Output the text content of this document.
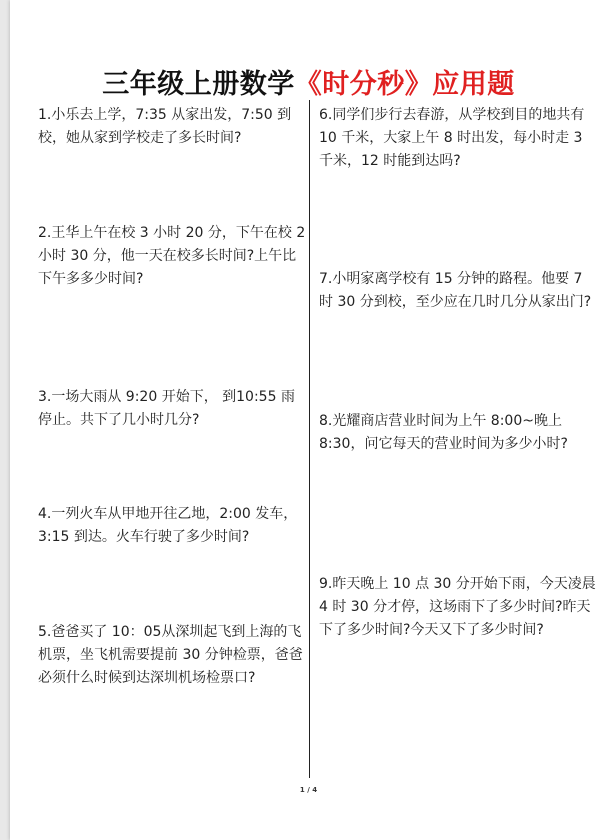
三年级上册数学《时分秒》应用题

1.小乐去上学，7:35 从家出发，7:50 到校，她从家到学校走了多长时间?

2.王华上午在校 3 小时 20 分，下午在校 2 小时 30 分，他一天在校多长时间?上午比下午多多少时间?

3.一场大雨从 9:20 开始下， 到10:55 雨停止。共下了几小时几分?

4.一列火车从甲地开往乙地，2:00 发车，3:15 到达。火车行驶了多少时间?

5.爸爸买了 10：05从深圳起飞到上海的飞机票，坐飞机需要提前 30 分钟检票，爸爸必须什么时候到达深圳机场检票口?

6.同学们步行去春游，从学校到目的地共有 10 千米，大家上午 8 时出发，每小时走 3 千米，12 时能到达吗?

7.小明家离学校有 15 分钟的路程。他要 7 时 30 分到校，至少应在几时几分从家出门?

8.光耀商店营业时间为上午 8:00~晚上 8:30，问它每天的营业时间为多少小时?

9.昨天晚上 10 点 30 分开始下雨，今天凌晨 4 时 30 分才停，这场雨下了多少时间?昨天下了多少时间?今天又下了多少时间?

1 / 4
